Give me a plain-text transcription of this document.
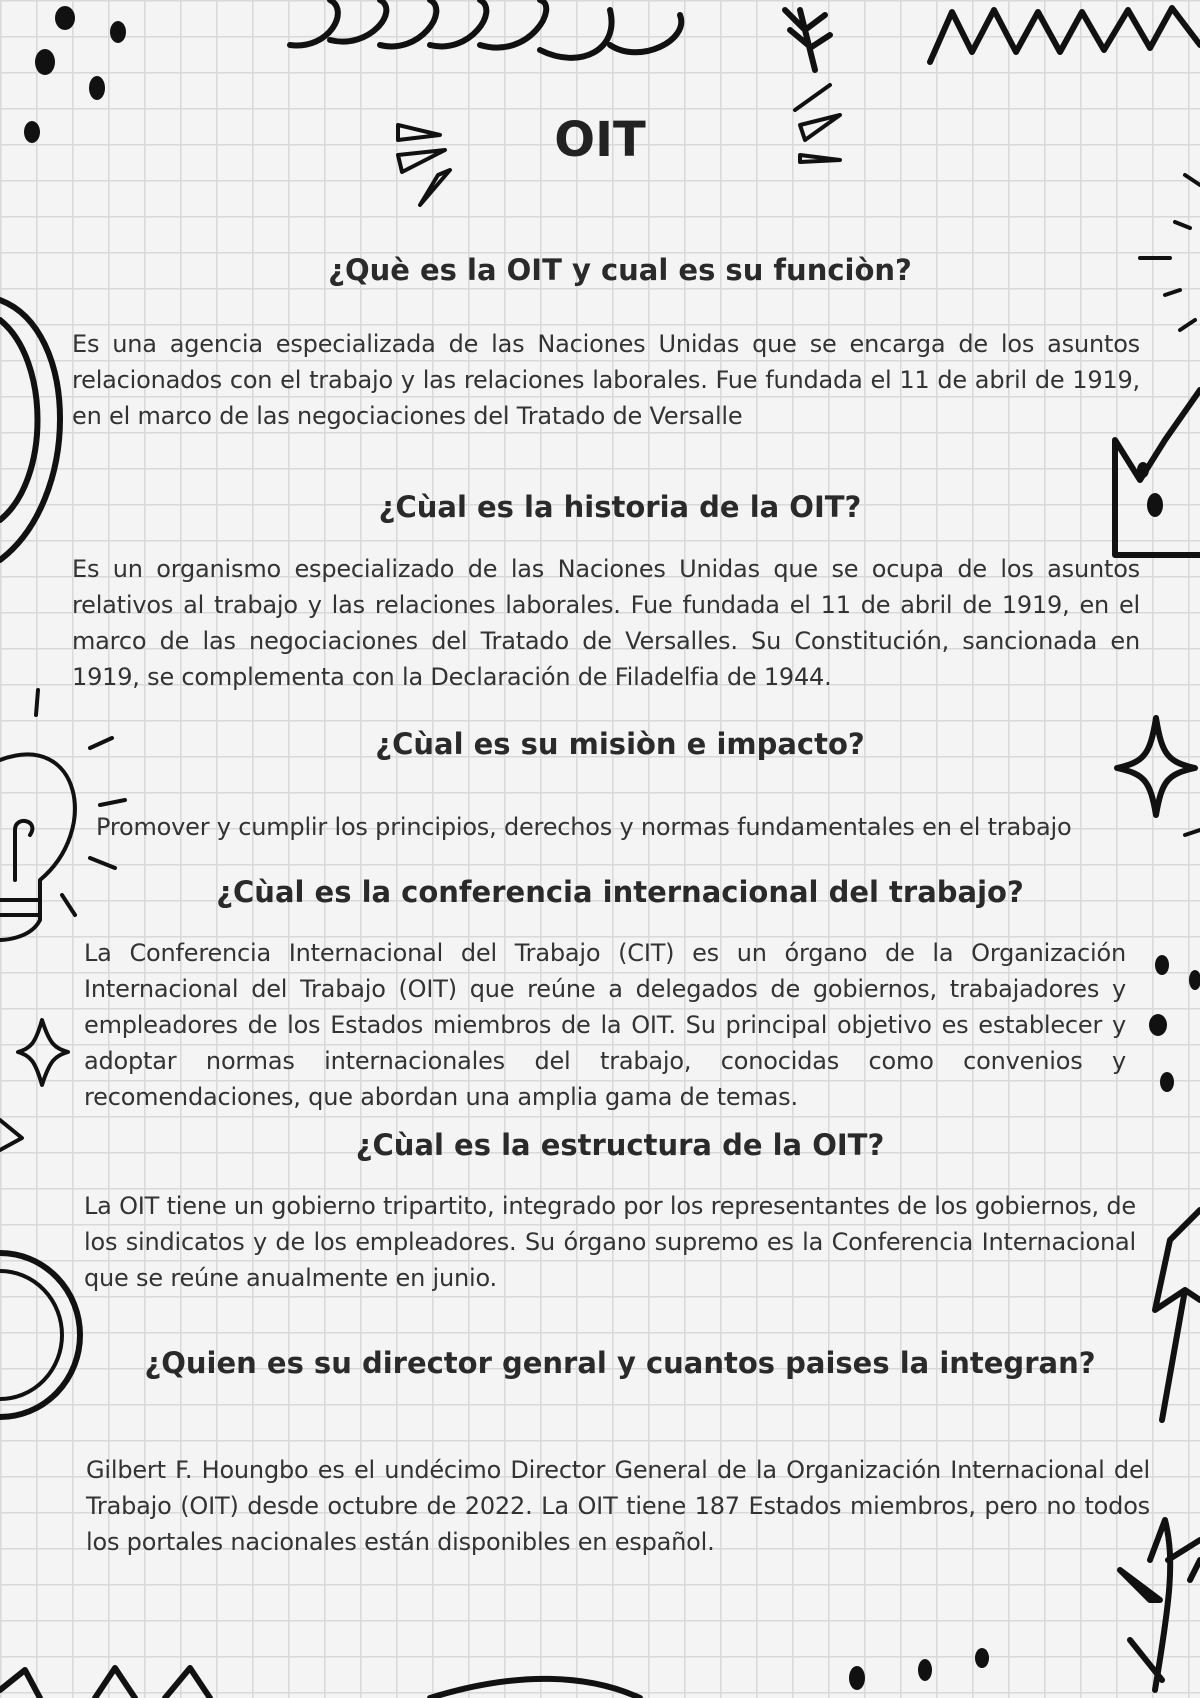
OIT
¿Què es la OIT y cual es su funciòn?

Es una agencia especializada de las Naciones Unidas que se encarga de los asuntos relacionados con el trabajo y las relaciones laborales. Fue fundada el 11 de abril de 1919, en el marco de las negociaciones del Tratado de Versalle

¿Cùal es la historia de la OIT?

Es un organismo especializado de las Naciones Unidas que se ocupa de los asuntos relativos al trabajo y las relaciones laborales. Fue fundada el 11 de abril de 1919, en el marco de las negociaciones del Tratado de Versalles. Su Constitución, sancionada en 1919, se complementa con la Declaración de Filadelfia de 1944.

¿Cùal es su misiòn e impacto?

Promover y cumplir los principios, derechos y normas fundamentales en el trabajo

¿Cùal es la conferencia internacional del trabajo?

La Conferencia Internacional del Trabajo (CIT) es un órgano de la Organización Internacional del Trabajo (OIT) que reúne a delegados de gobiernos, trabajadores y empleadores de los Estados miembros de la OIT. Su principal objetivo es establecer y adoptar normas internacionales del trabajo, conocidas como convenios y recomendaciones, que abordan una amplia gama de temas.

¿Cùal es la estructura de la OIT?

La OIT tiene un gobierno tripartito, integrado por los representantes de los gobiernos, de los sindicatos y de los empleadores. Su órgano supremo es la Conferencia Internacional que se reúne anualmente en junio.

¿Quien es su director genral y cuantos paises la integran?

Gilbert F. Houngbo es el undécimo Director General de la Organización Internacional del Trabajo (OIT) desde octubre de 2022. La OIT tiene 187 Estados miembros, pero no todos los portales nacionales están disponibles en español.
